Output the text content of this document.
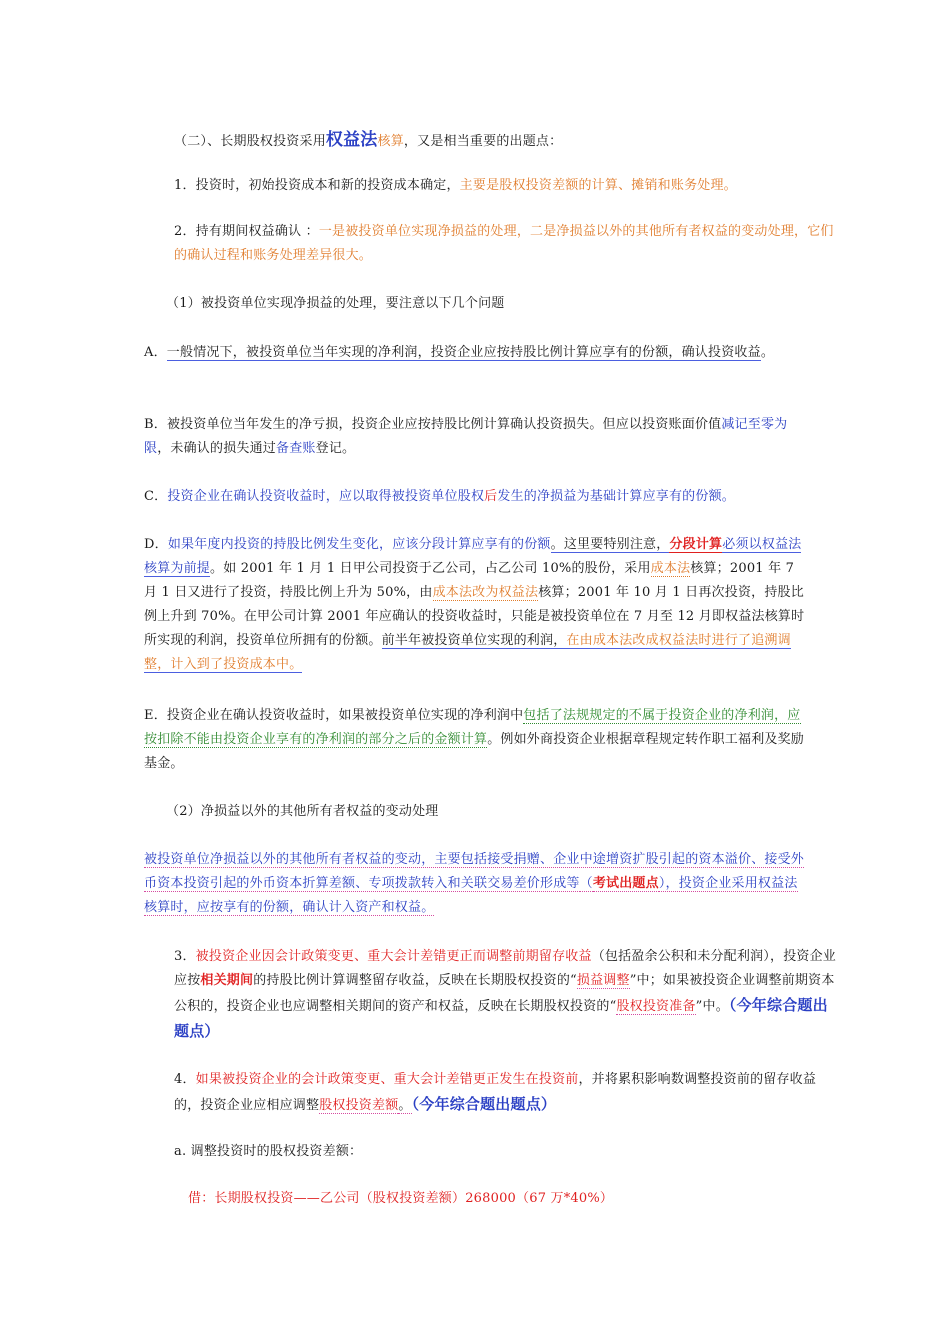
（二）、长期股权投资采用权益法核算，又是相当重要的出题点：
1．投资时，初始投资成本和新的投资成本确定，主要是股权投资差额的计算、摊销和账务处理。
2．持有期间权益确认 ：一是被投资单位实现净损益的处理，二是净损益以外的其他所有者权益的变动处理，它们的确认过程和账务处理差异很大。
（1）被投资单位实现净损益的处理，要注意以下几个问题
A．一般情况下，被投资单位当年实现的净利润，投资企业应按持股比例计算应享有的份额，确认投资收益。
B．被投资单位当年发生的净亏损，投资企业应按持股比例计算确认投资损失。但应以投资账面价值减记至零为限，未确认的损失通过备查账登记。
C．投资企业在确认投资收益时，应以取得被投资单位股权后发生的净损益为基础计算应享有的份额。
D．如果年度内投资的持股比例发生变化，应该分段计算应享有的份额。这里要特别注意，分段计算必须以权益法核算为前提。如 2001 年 1 月 1 日甲公司投资于乙公司，占乙公司 10%的股份，采用成本法核算；2001 年 7 月 1 日又进行了投资，持股比例上升为 50%，由成本法改为权益法核算；2001 年 10 月 1 日再次投资，持股比例上升到 70%。在甲公司计算 2001 年应确认的投资收益时，只能是被投资单位在 7 月至 12 月即权益法核算时所实现的利润，投资单位所拥有的份额。前半年被投资单位实现的利润，在由成本法改成权益法时进行了追溯调整，计入到了投资成本中。
E．投资企业在确认投资收益时，如果被投资单位实现的净利润中包括了法规规定的不属于投资企业的净利润，应按扣除不能由投资企业享有的净利润的部分之后的金额计算。例如外商投资企业根据章程规定转作职工福利及奖励基金。
（2）净损益以外的其他所有者权益的变动处理
被投资单位净损益以外的其他所有者权益的变动，主要包括接受捐赠、企业中途增资扩股引起的资本溢价、接受外币资本投资引起的外币资本折算差额、专项拨款转入和关联交易差价形成等（考试出题点），投资企业采用权益法核算时，应按享有的份额，确认计入资产和权益。
3．被投资企业因会计政策变更、重大会计差错更正而调整前期留存收益（包括盈余公积和未分配利润），投资企业应按相关期间的持股比例计算调整留存收益，反映在长期股权投资的“损益调整”中；如果被投资企业调整前期资本公积的，投资企业也应调整相关期间的资产和权益，反映在长期股权投资的“股权投资准备”中。（今年综合题出题点）
4．如果被投资企业的会计政策变更、重大会计差错更正发生在投资前，并将累积影响数调整投资前的留存收益的，投资企业应相应调整股权投资差额。（今年综合题出题点）
a. 调整投资时的股权投资差额：
借：长期股权投资——乙公司（股权投资差额）268000（67 万*40%）
